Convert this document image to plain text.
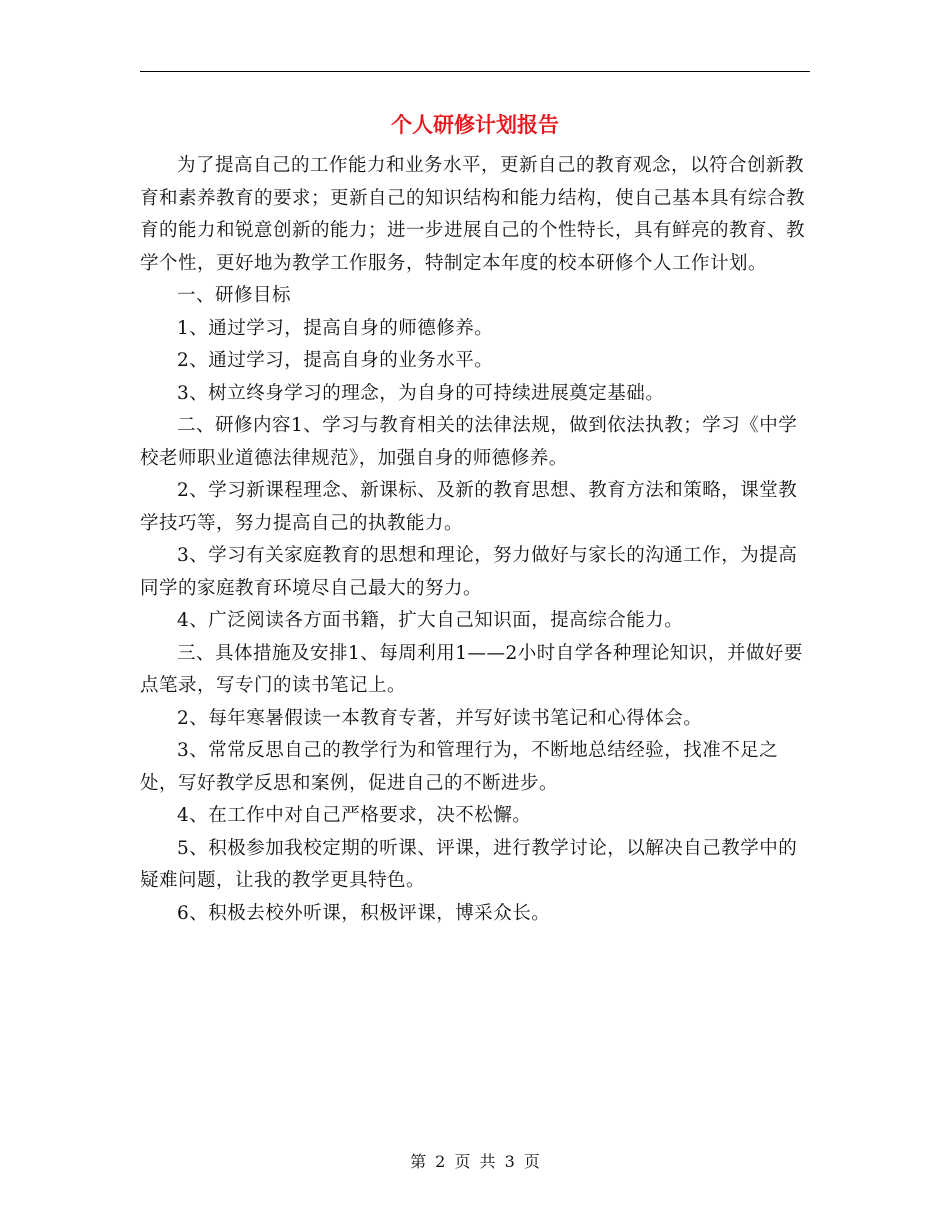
个人研修计划报告

为了提高自己的工作能力和业务水平，更新自己的教育观念，以符合创新教育和素养教育的要求；更新自己的知识结构和能力结构，使自己基本具有综合教育的能力和锐意创新的能力；进一步进展自己的个性特长，具有鲜亮的教育、教学个性，更好地为教学工作服务，特制定本年度的校本研修个人工作计划。

一、研修目标

1、通过学习，提高自身的师德修养。

2、通过学习，提高自身的业务水平。

3、树立终身学习的理念，为自身的可持续进展奠定基础。

二、研修内容1、学习与教育相关的法律法规，做到依法执教；学习《中学校老师职业道德法律规范》，加强自身的师德修养。

2、学习新课程理念、新课标、及新的教育思想、教育方法和策略，课堂教学技巧等，努力提高自己的执教能力。

3、学习有关家庭教育的思想和理论，努力做好与家长的沟通工作，为提高同学的家庭教育环境尽自己最大的努力。

4、广泛阅读各方面书籍，扩大自己知识面，提高综合能力。

三、具体措施及安排1、每周利用1——2小时自学各种理论知识，并做好要点笔录，写专门的读书笔记上。

2、每年寒暑假读一本教育专著，并写好读书笔记和心得体会。

3、常常反思自己的教学行为和管理行为，不断地总结经验，找准不足之处，写好教学反思和案例，促进自己的不断进步。

4、在工作中对自己严格要求，决不松懈。

5、积极参加我校定期的听课、评课，进行教学讨论，以解决自己教学中的疑难问题，让我的教学更具特色。

6、积极去校外听课，积极评课，博采众长。

第 2 页 共 3 页
